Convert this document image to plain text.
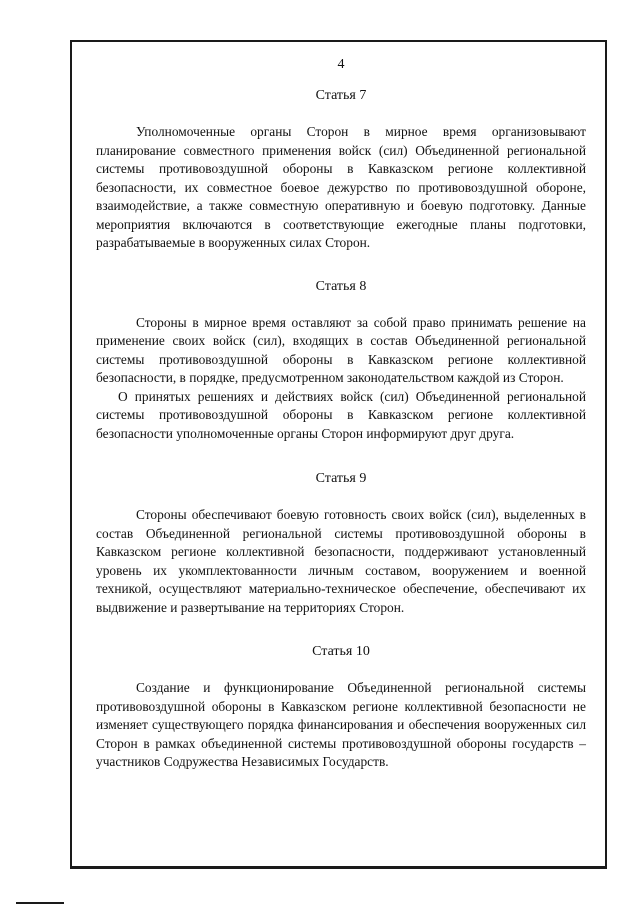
4
Статья 7

Уполномоченные органы Сторон в мирное время организовывают планирование совместного применения войск (сил) Объединенной региональной системы противовоздушной обороны в Кавказском регионе коллективной безопасности, их совместное боевое дежурство по противовоздушной обороне, взаимодействие, а также совместную оперативную и боевую подготовку. Данные мероприятия включаются в соответствующие ежегодные планы подготовки, разрабатываемые в вооруженных силах Сторон.

Статья 8

Стороны в мирное время оставляют за собой право принимать решение на применение своих войск (сил), входящих в состав Объединенной региональной системы противовоздушной обороны в Кавказском регионе коллективной безопасности, в порядке, предусмотренном законодательством каждой из Сторон.

О принятых решениях и действиях войск (сил) Объединенной региональной системы противовоздушной обороны в Кавказском регионе коллективной безопасности уполномоченные органы Сторон информируют друг друга.

Статья 9

Стороны обеспечивают боевую готовность своих войск (сил), выделенных в состав Объединенной региональной системы противовоздушной обороны в Кавказском регионе коллективной безопасности, поддерживают установленный уровень их укомплектованности личным составом, вооружением и военной техникой, осуществляют материально-техническое обеспечение, обеспечивают их выдвижение и развертывание на территориях Сторон.

Статья 10

Создание и функционирование Объединенной региональной системы противовоздушной обороны в Кавказском регионе коллективной безопасности не изменяет существующего порядка финансирования и обеспечения вооруженных сил Сторон в рамках объединенной системы противовоздушной обороны государств – участников Содружества Независимых Государств.
